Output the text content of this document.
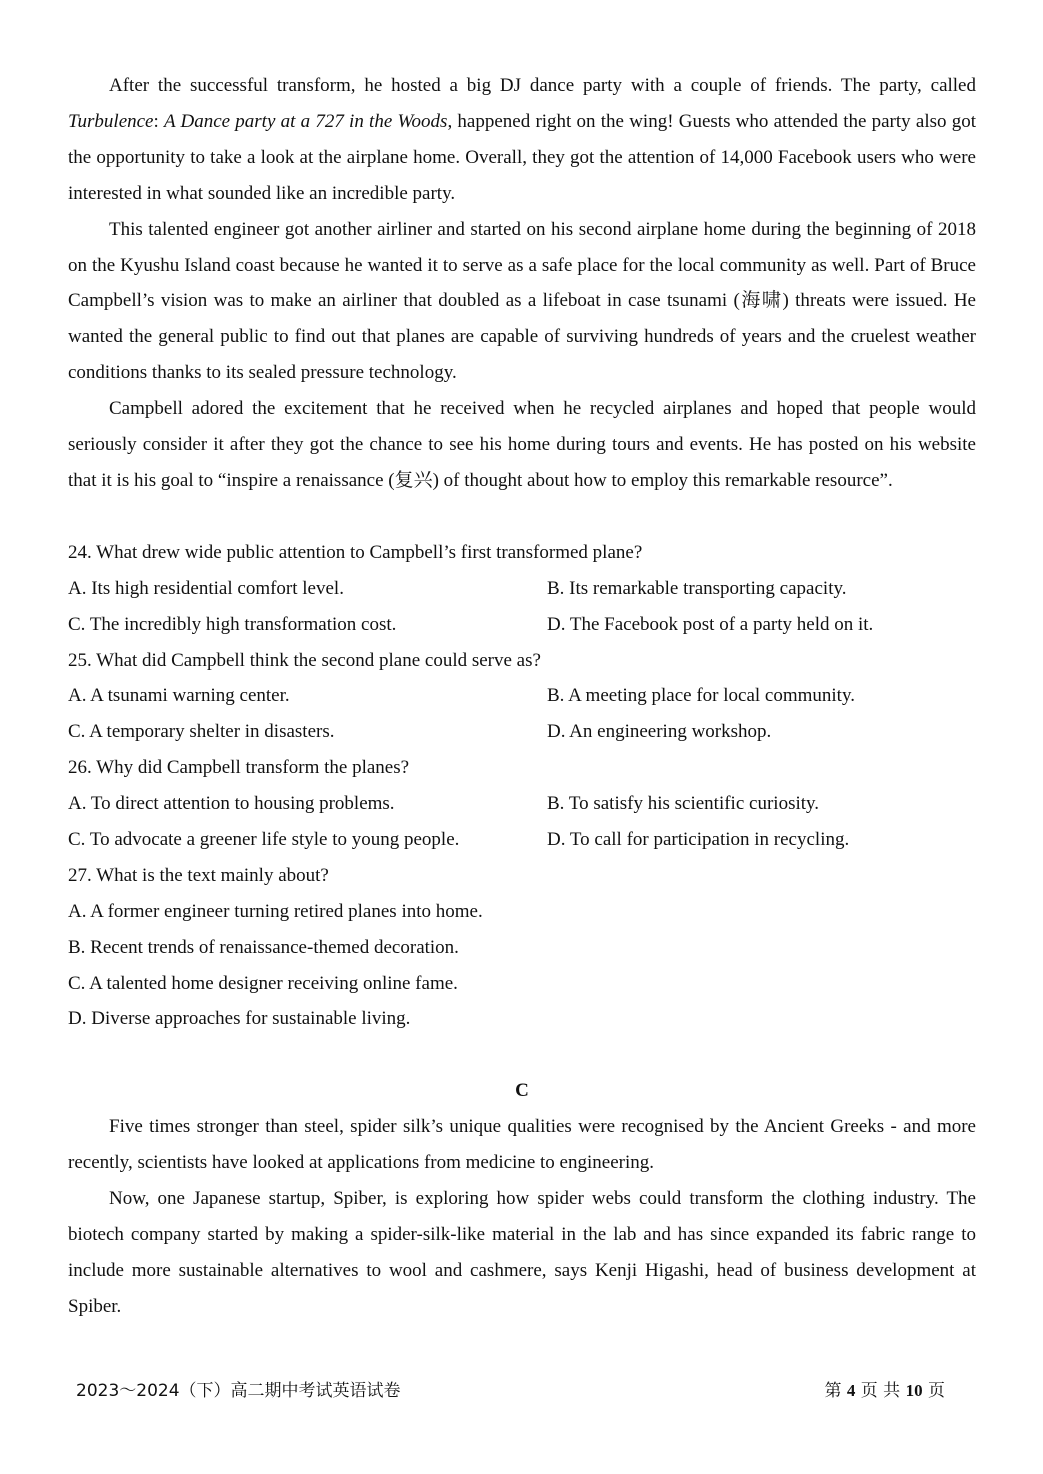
After the successful transform, he hosted a big DJ dance party with a couple of friends. The party, called Turbulence: A Dance party at a 727 in the Woods, happened right on the wing! Guests who attended the party also got the opportunity to take a look at the airplane home. Overall, they got the attention of 14,000 Facebook users who were interested in what sounded like an incredible party.

This talented engineer got another airliner and started on his second airplane home during the beginning of 2018 on the Kyushu Island coast because he wanted it to serve as a safe place for the local community as well. Part of Bruce Campbell’s vision was to make an airliner that doubled as a lifeboat in case tsunami (海啸) threats were issued. He wanted the general public to find out that planes are capable of surviving hundreds of years and the cruelest weather conditions thanks to its sealed pressure technology.

Campbell adored the excitement that he received when he recycled airplanes and hoped that people would seriously consider it after they got the chance to see his home during tours and events. He has posted on his website that it is his goal to “inspire a renaissance (复兴) of thought about how to employ this remarkable resource”.

24. What drew wide public attention to Campbell’s first transformed plane?
A. Its high residential comfort level.	B. Its remarkable transporting capacity.
C. The incredibly high transformation cost.	D. The Facebook post of a party held on it.
25. What did Campbell think the second plane could serve as?
A. A tsunami warning center.	B. A meeting place for local community.
C. A temporary shelter in disasters.	D. An engineering workshop.
26. Why did Campbell transform the planes?
A. To direct attention to housing problems.	B. To satisfy his scientific curiosity.
C. To advocate a greener life style to young people.	D. To call for participation in recycling.
27. What is the text mainly about?
A. A former engineer turning retired planes into home.
B. Recent trends of renaissance-themed decoration.
C. A talented home designer receiving online fame.
D. Diverse approaches for sustainable living.
C

Five times stronger than steel, spider silk’s unique qualities were recognised by the Ancient Greeks - and more recently, scientists have looked at applications from medicine to engineering.

Now, one Japanese startup, Spiber, is exploring how spider webs could transform the clothing industry. The biotech company started by making a spider-silk-like material in the lab and has since expanded its fabric range to include more sustainable alternatives to wool and cashmere, says Kenji Higashi, head of business development at Spiber.

2023～2024（下）高二期中考试英语试卷	第 4 页 共 10 页
